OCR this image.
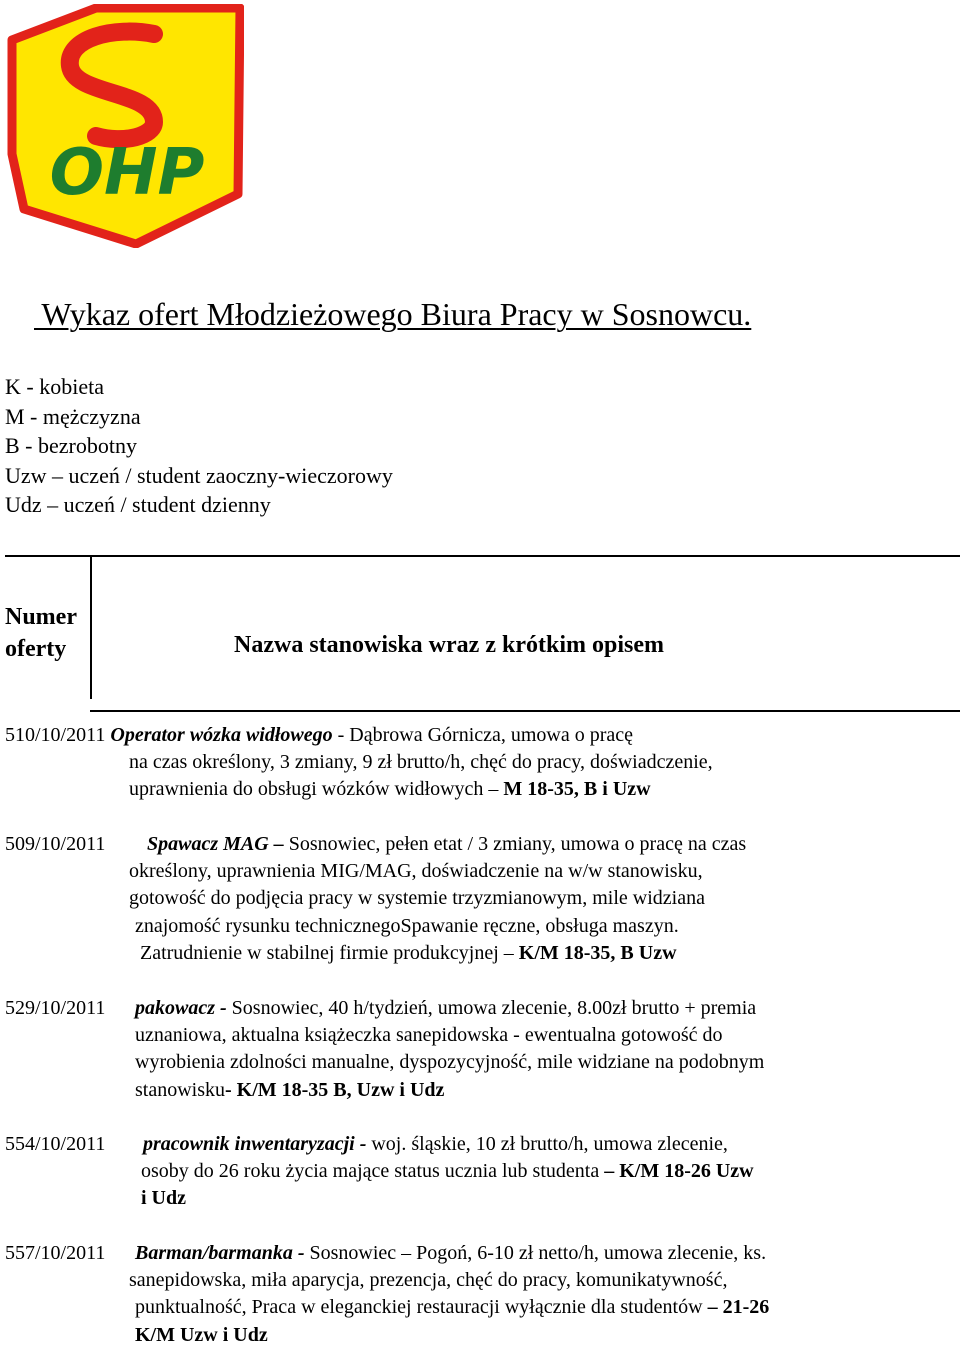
OHP
Wykaz ofert Młodzieżowego Biura Pracy w Sosnowcu.
K - kobieta
M - mężczyzna
B - bezrobotny
Uzw – uczeń / student zaoczny-wieczorowy
Udz – uczeń / student dzienny
Numer oferty	Nazwa stanowiska wraz z krótkim opisem
510/10/2011 Operator wózka widłowego - Dąbrowa Górnicza, umowa o pracę
na czas określony, 3 zmiany, 9 zł brutto/h, chęć do pracy, doświadczenie,
uprawnienia do obsługi wózków widłowych – M 18-35, B i Uzw
509/10/2011 Spawacz MAG – Sosnowiec, pełen etat / 3 zmiany, umowa o pracę na czas
określony, uprawnienia MIG/MAG, doświadczenie na w/w stanowisku,
gotowość do podjęcia pracy w systemie trzyzmianowym, mile widziana
znajomość rysunku technicznegoSpawanie ręczne, obsługa maszyn.
Zatrudnienie w stabilnej firmie produkcyjnej – K/M 18-35, B Uzw
529/10/2011 pakowacz - Sosnowiec, 40 h/tydzień, umowa zlecenie, 8.00zł brutto + premia
uznaniowa, aktualna książeczka sanepidowska - ewentualna gotowość do
wyrobienia zdolności manualne, dyspozycyjność, mile widziane na podobnym
stanowisku- K/M 18-35 B, Uzw i Udz
554/10/2011 pracownik inwentaryzacji - woj. śląskie, 10 zł brutto/h, umowa zlecenie,
osoby do 26 roku życia mające status ucznia lub studenta – K/M 18-26 Uzw
i Udz
557/10/2011 Barman/barmanka - Sosnowiec – Pogoń, 6-10 zł netto/h, umowa zlecenie, ks.
sanepidowska, miła aparycja, prezencja, chęć do pracy, komunikatywność,
punktualność, Praca w eleganckiej restauracji wyłącznie dla studentów – 21-26
K/M Uzw i Udz
